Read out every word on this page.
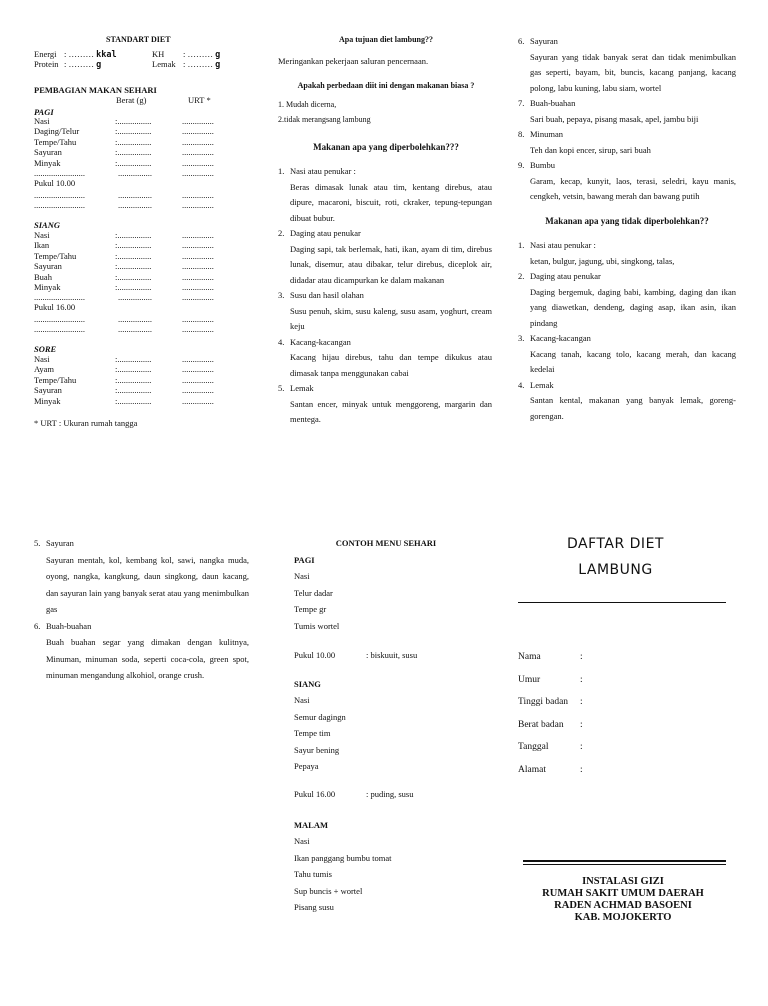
STANDART DIET
Energi : ……… kkal	KH : ……… g
Protein : ……… g	Lemak : ……… g
PEMBAGIAN MAKAN SEHARI
Berat (g)	URT *
PAGI
Nasi	:................	...............
Daging/Telur	:................	...............
Tempe/Tahu	:................	...............
Sayuran	:................	...............
Minyak	:................	...............
........................	................	...............
Pukul 10.00
........................	................	...............
........................	................	...............
SIANG
Nasi	:................	...............
Ikan	:................	...............
Tempe/Tahu	:................	...............
Sayuran	:................	...............
Buah	:................	...............
Minyak	:................	...............
........................	................	...............
Pukul 16.00
........................	................	...............
........................	................	...............
SORE
Nasi	:................	...............
Ayam	:................	...............
Tempe/Tahu	:................	...............
Sayuran	:................	...............
Minyak	:................	...............
* URT : Ukuran rumah tangga
Apa tujuan diet lambung??
Meringankan pekerjaan saluran pencernaan.
Apakah perbedaan diit ini dengan makanan biasa ?
1. Mudah dicerna,
2.tidak merangsang lambung
Makanan apa yang diperbolehkan???
1. Nasi atau penukar :
Beras dimasak lunak atau tim, kentang direbus, atau dipure, macaroni, biscuit, roti, ckraker, tepung-tepungan dibuat bubur.
2. Daging atau penukar
Daging sapi, tak berlemak, hati, ikan, ayam di tim, direbus lunak, disemur, atau dibakar, telur direbus, diceplok air, didadar atau dicampurkan ke dalam makanan
3. Susu dan hasil olahan
Susu penuh, skim, susu kaleng, susu asam, yoghurt, cream keju
4. Kacang-kacangan
Kacang hijau direbus, tahu dan tempe dikukus atau dimasak tanpa menggunakan cabai
5. Lemak
Santan encer, minyak untuk menggoreng, margarin dan mentega.
6. Sayuran
Sayuran yang tidak banyak serat dan tidak menimbulkan gas seperti, bayam, bit, buncis, kacang panjang, kacang polong, labu kuning, labu siam, wortel
7. Buah-buahan
Sari buah, pepaya, pisang masak, apel, jambu biji
8. Minuman
Teh dan kopi encer, sirup, sari buah
9. Bumbu
Garam, kecap, kunyit, laos, terasi, seledri, kayu manis, cengkeh, vetsin, bawang merah dan bawang putih
Makanan apa yang tidak diperbolehkan??
1. Nasi atau penukar :
ketan, bulgur, jagung, ubi, singkong, talas,
2. Daging atau penukar
Daging bergemuk, daging babi, kambing, daging dan ikan yang diawetkan, dendeng, daging asap, ikan asin, ikan pindang
3. Kacang-kacangan
Kacang tanah, kacang tolo, kacang merah, dan kacang kedelai
4. Lemak
Santan kental, makanan yang banyak lemak, goreng-gorengan.
5. Sayuran
Sayuran mentah, kol, kembang kol, sawi, nangka muda, oyong, nangka, kangkung, daun singkong, daun kacang, dan sayuran lain yang banyak serat atau yang menimbulkan gas
6. Buah-buahan
Buah buahan segar yang dimakan dengan kulitnya, Minuman, minuman soda, seperti coca-cola, green spot, minuman mengandung alkohiol, orange crush.
CONTOH MENU SEHARI
PAGI
Nasi
Telur dadar
Tempe gr
Tumis wortel
Pukul 10.00	: biskuuit, susu
SIANG
Nasi
Semur dagingn
Tempe tim
Sayur bening
Pepaya
Pukul 16.00	: puding, susu
MALAM
Nasi
Ikan panggang bumbu tomat
Tahu tumis
Sup buncis + wortel
Pisang susu
DAFTAR DIET
LAMBUNG
Nama	:
Umur	:
Tinggi badan :
Berat badan :
Tanggal	:
Alamat	:
INSTALASI GIZI
RUMAH SAKIT UMUM DAERAH
RADEN ACHMAD BASOENI
KAB. MOJOKERTO
